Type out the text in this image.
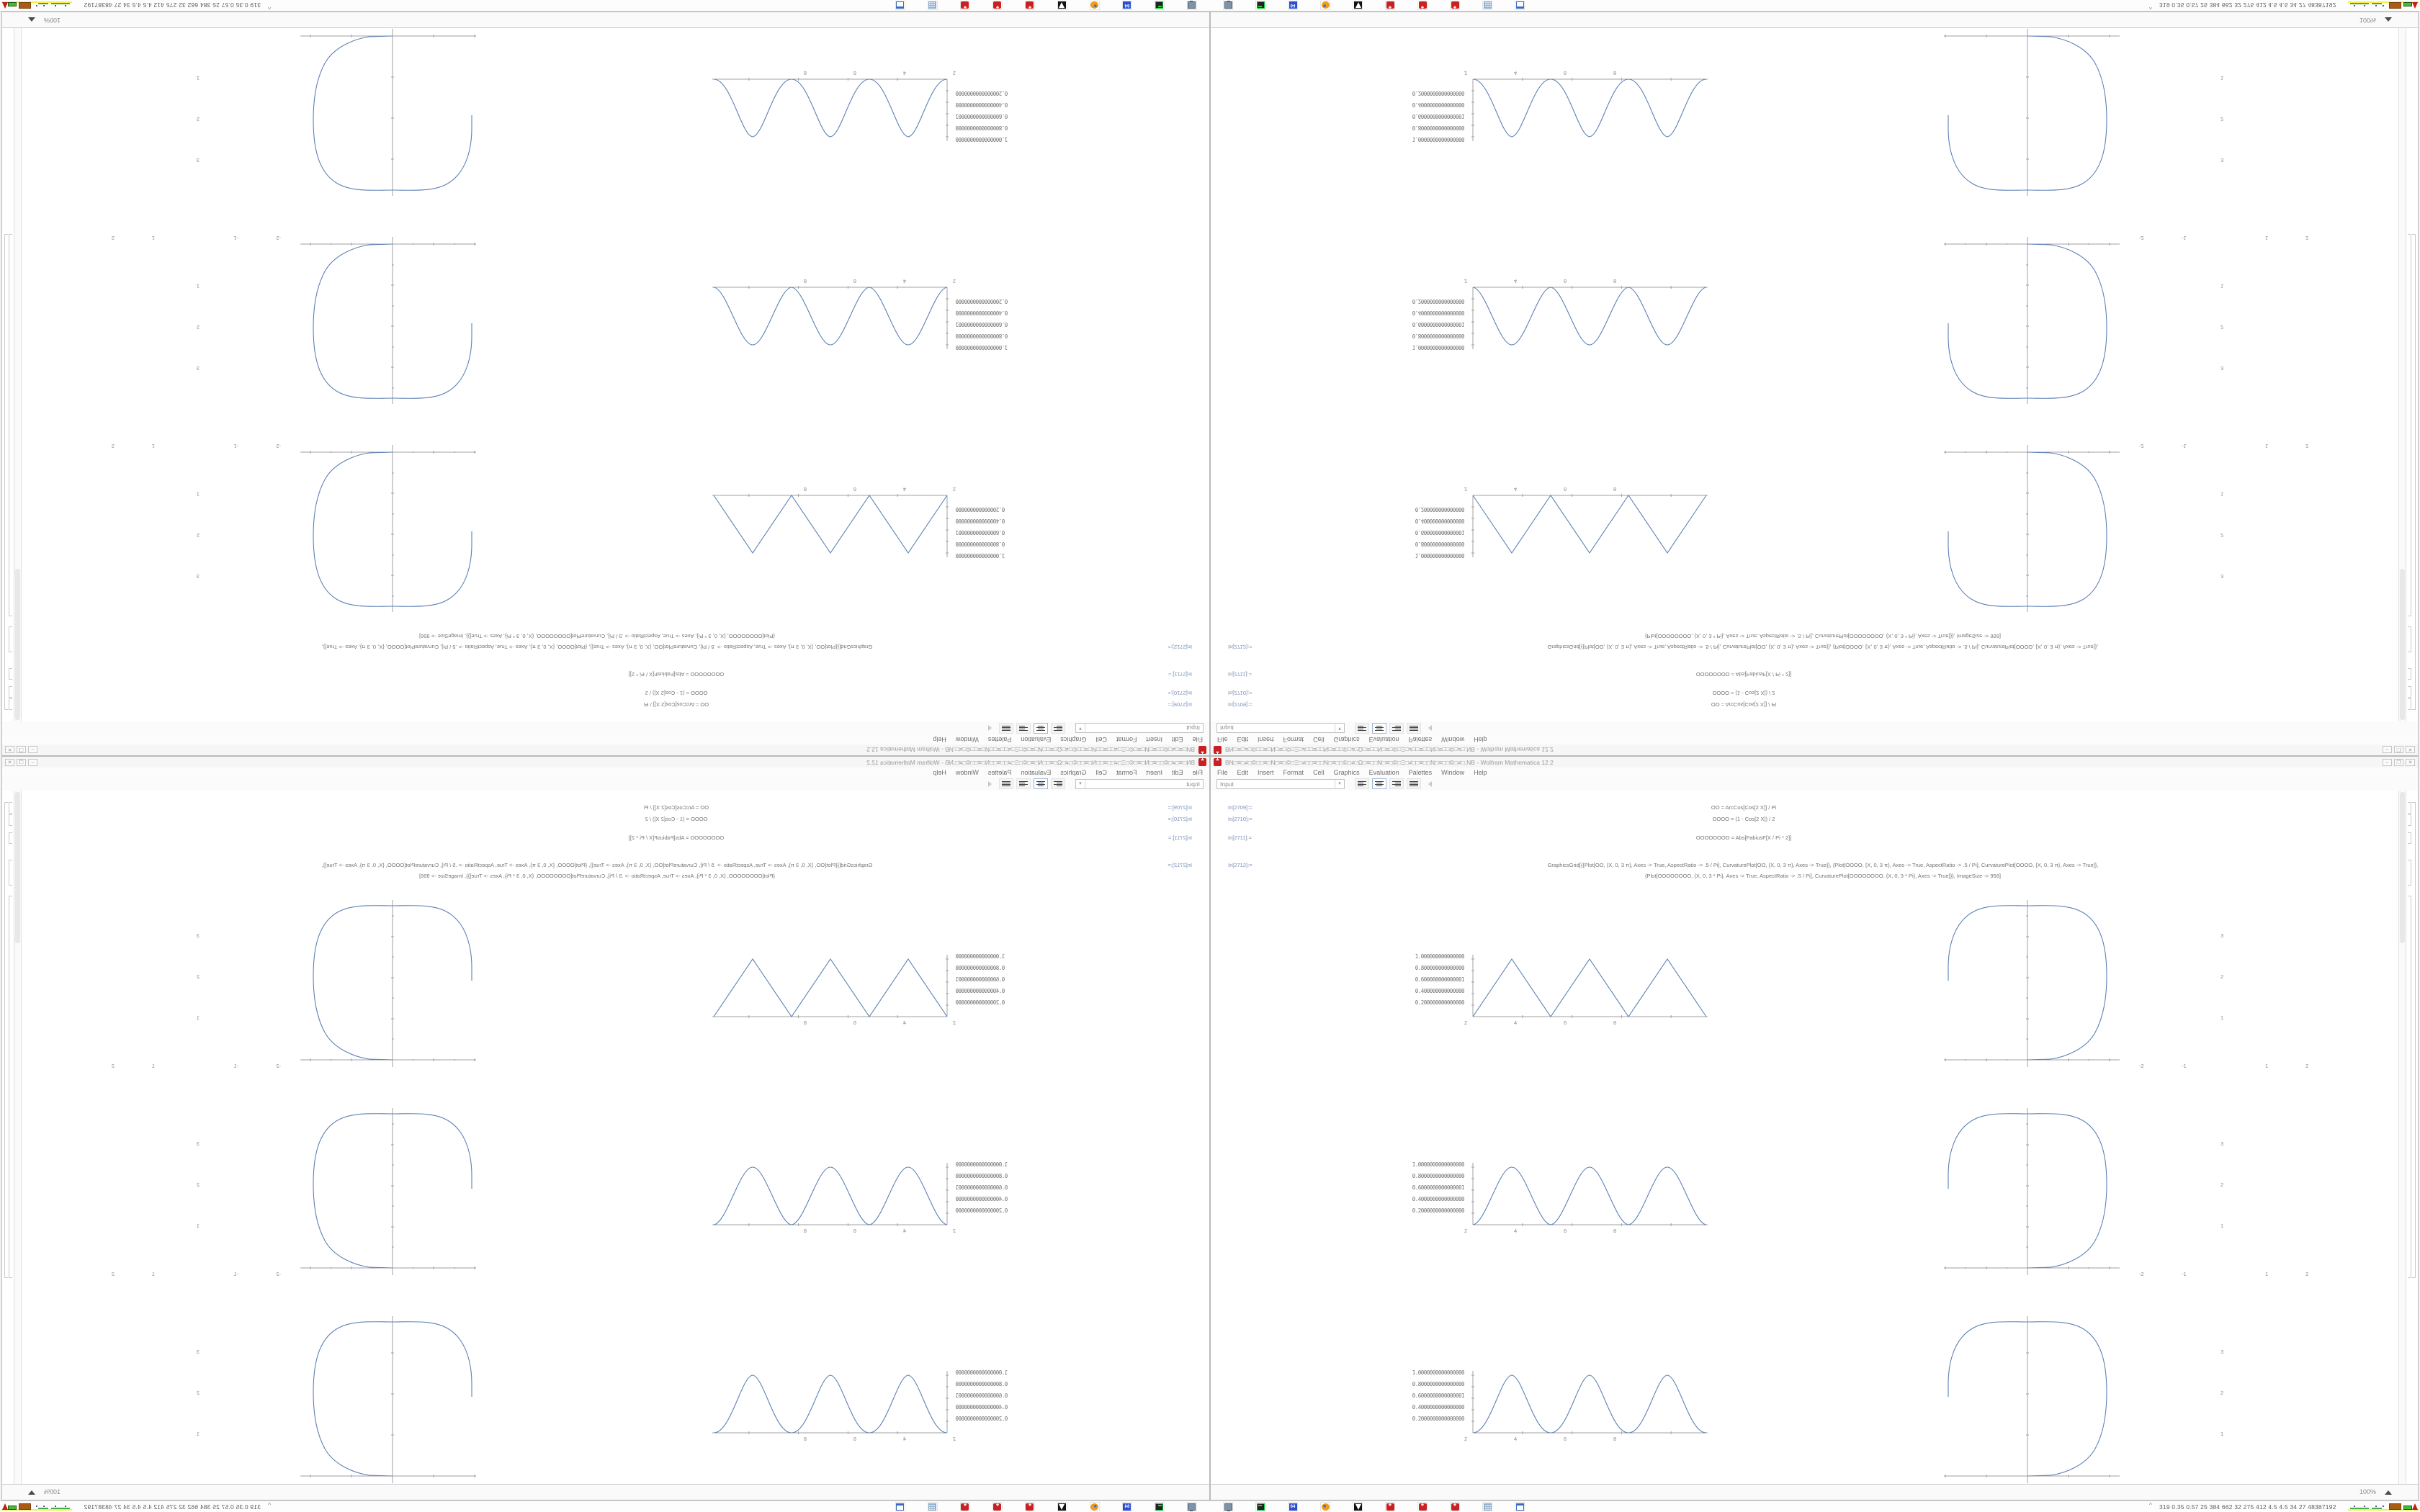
*
BN□≡□≠□©□□≡□N□≡□©□Ξ□≠□□≡□□N□≡□□©□≠□Ω□≡□□N□≡□©□Ξ□≠□□≡□□N□≡□□©□≠□.NB - Wolfram Mathematica 12.2
–
❐
✕
File
Edit
Insert
Format
Cell
Graphics
Evaluation
Palettes
Window
Help
Input
▾
In[2709]:=
OO = ArcCos[Cos[2 X]] / Pi
In[2710]:=
OOOO = (1 - Cos[2 X]) / 2
In[2711]:=
OOOOOOOO = Abs[FabiusF[X / Pi * 2]]
In[2712]:=
GraphicsGrid[{{Plot[OO, {X, 0, 3 π}, Axes -> True, AspectRatio -> .5 / Pi], CurvaturePlot[OO, {X, 0, 3 π}, Axes -> True]}, {Plot[OOOO, {X, 0, 3 π}, Axes -> True, AspectRatio -> .5 / Pi], CurvaturePlot[OOOO, {X, 0, 3 π}, Axes -> True]},
{Plot[OOOOOOOO, {X, 0, 3 * Pi}, Axes -> True, AspectRatio -> .5 / Pi], CurvaturePlot[OOOOOOOO, {X, 0, 3 * Pi}, Axes -> True]}}, ImageSize -> 956]
1.000000000000000
0.800000000000000
0.600000000000001
0.400000000000000
0.200000000000000
2
4
6
8
3
2
1
-2
-1
1
2
1.0000000000000000
0.8000000000000000
0.6000000000000001
0.4000000000000000
0.2000000000000000
2
4
6
8
3
2
1
-2
-1
1
2
1.0000000000000000
0.8000000000000000
0.6000000000000001
0.4000000000000000
0.2000000000000000
2
4
6
8
3
2
1
100%
64
*
*
*
^
319 0.35 0.57 25 384 662 32 275 412 4.5 4.5 34 27 48387192
*	BN□≡□≠□©□□≡□N□≡□©□Ξ□≠□□≡□□N□≡□□©□≠□Ω□≡□□N□≡□©□Ξ□≠□□≡□□N□≡□□©□≠□.NB - Wolfram Mathematica 12.2	–	❐	✕
File Edit Insert Format Cell Graphics Evaluation Palettes Window Help
Input	▾
In[2709]:=	OO = ArcCos[Cos[2 X]] / Pi
In[2710]:=	OOOO = (1 - Cos[2 X]) / 2
In[2711]:=	OOOOOOOO = Abs[FabiusF[X / Pi * 2]]
In[2712]:=	GraphicsGrid[{{Plot[OO, {X, 0, 3 π}, Axes -> True, AspectRatio -> .5 / Pi], CurvaturePlot[OO, {X, 0, 3 π}, Axes -> True]}, {Plot[OOOO, {X, 0, 3 π}, Axes -> True, AspectRatio -> .5 / Pi], CurvaturePlot[OOOO, {X, 0, 3 π}, Axes -> True]},
{Plot[OOOOOOOO, {X, 0, 3 * Pi}, Axes -> True, AspectRatio -> .5 / Pi], CurvaturePlot[OOOOOOOO, {X, 0, 3 * Pi}, Axes -> True]}}, ImageSize -> 956]
1.000000000000000
0.800000000000000
0.600000000000001
0.400000000000000
0.200000000000000
2	4	6	8
3
2
1
-2	-1	1	2
1.0000000000000000
0.8000000000000000
0.6000000000000001
0.4000000000000000
0.2000000000000000
2	4	6	8
3
2
1
-2	-1	1	2
1.0000000000000000
0.8000000000000000
0.6000000000000001
0.4000000000000000
0.2000000000000000
2	4	6	8
3
2
1
100%
64	*	*	*	^ 319 0.35 0.57 25 384 662 32 275 412 4.5 4.5 34 27 48387192
*
BN□≡□≠□©□□≡□N□≡□©□Ξ□≠□□≡□□N□≡□□©□≠□Ω□≡□□N□≡□©□Ξ□≠□□≡□□N□≡□□©□≠□.NB - Wolfram Mathematica 12.2
–
❐
✕
File
Edit
Insert
Format
Cell
Graphics
Evaluation
Palettes
Window
Help
Input
▾
In[2709]:=
OO = ArcCos[Cos[2 X]] / Pi
In[2710]:=
OOOO = (1 - Cos[2 X]) / 2
In[2711]:=
OOOOOOOO = Abs[FabiusF[X / Pi * 2]]
In[2712]:=
GraphicsGrid[{{Plot[OO, {X, 0, 3 π}, Axes -> True, AspectRatio -> .5 / Pi], CurvaturePlot[OO, {X, 0, 3 π}, Axes -> True]}, {Plot[OOOO, {X, 0, 3 π}, Axes -> True, AspectRatio -> .5 / Pi], CurvaturePlot[OOOO, {X, 0, 3 π}, Axes -> True]},
{Plot[OOOOOOOO, {X, 0, 3 * Pi}, Axes -> True, AspectRatio -> .5 / Pi], CurvaturePlot[OOOOOOOO, {X, 0, 3 * Pi}, Axes -> True]}}, ImageSize -> 956]
1.000000000000000
0.800000000000000
0.600000000000001
0.400000000000000
0.200000000000000
2
4
6
8
3
2
1
-2
-1
1
2
1.0000000000000000
0.8000000000000000
0.6000000000000001
0.4000000000000000
0.2000000000000000
2
4
6
8
3
2
1
-2
-1
1
2
1.0000000000000000
0.8000000000000000
0.6000000000000001
0.4000000000000000
0.2000000000000000
2
4
6
8
3
2
1
100%
64
*
*
*
^
319 0.35 0.57 25 384 662 32 275 412 4.5 4.5 34 27 48387192
*	BN□≡□≠□©□□≡□N□≡□©□Ξ□≠□□≡□□N□≡□□©□≠□Ω□≡□□N□≡□©□Ξ□≠□□≡□□N□≡□□©□≠□.NB - Wolfram Mathematica 12.2	–	❐	✕
File Edit Insert Format Cell Graphics Evaluation Palettes Window Help
Input	▾
In[2709]:=	OO = ArcCos[Cos[2 X]] / Pi
In[2710]:=	OOOO = (1 - Cos[2 X]) / 2
In[2711]:=	OOOOOOOO = Abs[FabiusF[X / Pi * 2]]
In[2712]:=	GraphicsGrid[{{Plot[OO, {X, 0, 3 π}, Axes -> True, AspectRatio -> .5 / Pi], CurvaturePlot[OO, {X, 0, 3 π}, Axes -> True]}, {Plot[OOOO, {X, 0, 3 π}, Axes -> True, AspectRatio -> .5 / Pi], CurvaturePlot[OOOO, {X, 0, 3 π}, Axes -> True]},
{Plot[OOOOOOOO, {X, 0, 3 * Pi}, Axes -> True, AspectRatio -> .5 / Pi], CurvaturePlot[OOOOOOOO, {X, 0, 3 * Pi}, Axes -> True]}}, ImageSize -> 956]
1.000000000000000
0.800000000000000
0.600000000000001
0.400000000000000
0.200000000000000
2	4	6	8
3
2
1
-2	-1	1	2
1.0000000000000000
0.8000000000000000
0.6000000000000001
0.4000000000000000
0.2000000000000000
2	4	6	8
3
2
1
-2	-1	1	2
1.0000000000000000
0.8000000000000000
0.6000000000000001
0.4000000000000000
0.2000000000000000
2	4	6	8
3
2
1
100%
64	*	*	*	^ 319 0.35 0.57 25 384 662 32 275 412 4.5 4.5 34 27 48387192
